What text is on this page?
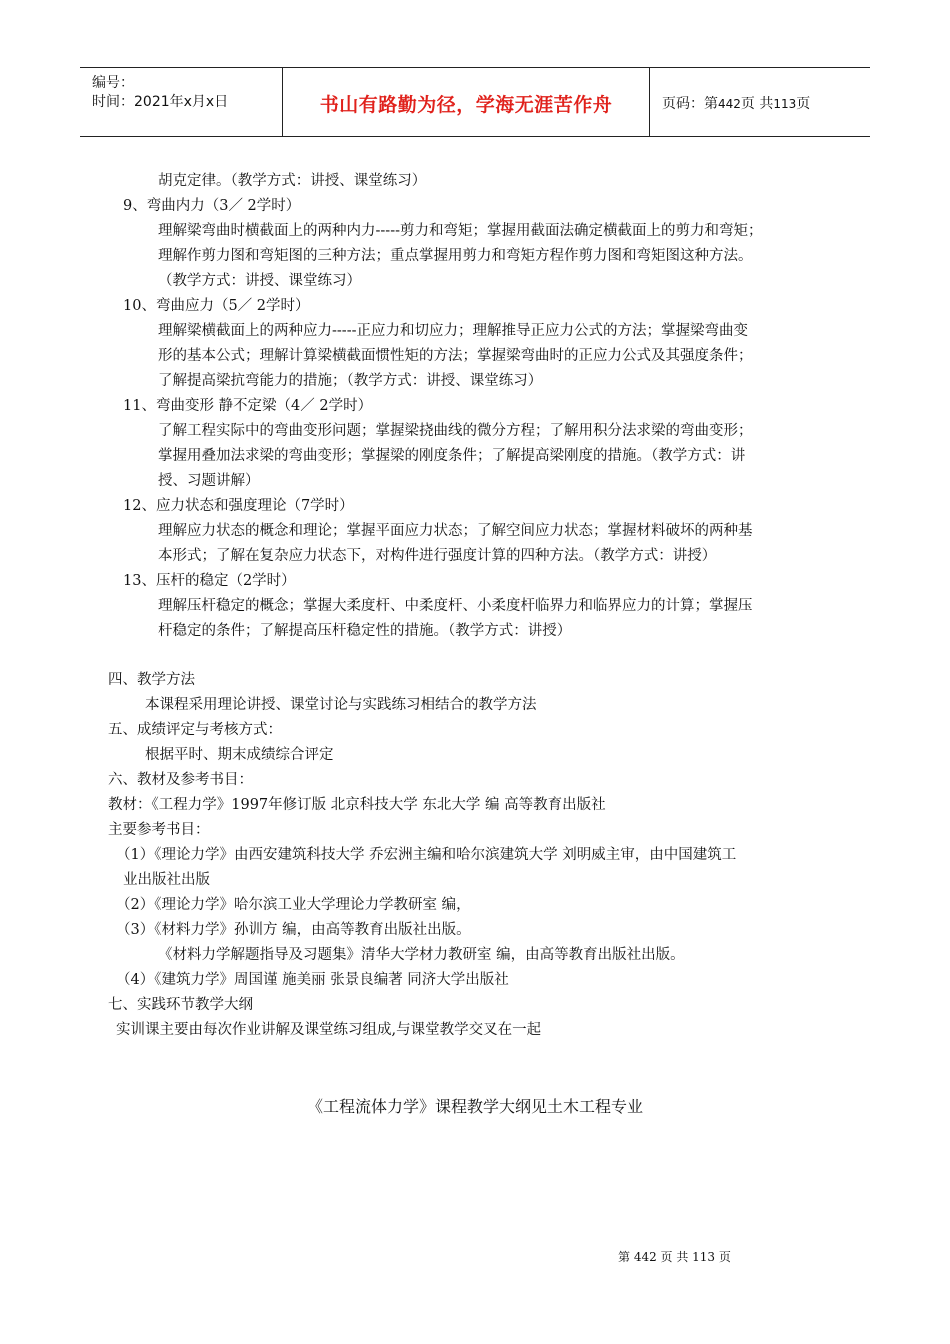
编号：
时间：2021年x月x日	书山有路勤为径，学海无涯苦作舟	页码：第442页 共113页
胡克定律。（教学方式：讲授、课堂练习）
9、弯曲内力（3／ 2学时）
理解梁弯曲时横截面上的两种内力-----剪力和弯矩；掌握用截面法确定横截面上的剪力和弯矩；
理解作剪力图和弯矩图的三种方法；重点掌握用剪力和弯矩方程作剪力图和弯矩图这种方法。
（教学方式：讲授、课堂练习）
10、弯曲应力（5／ 2学时）
理解梁横截面上的两种应力-----正应力和切应力；理解推导正应力公式的方法；掌握梁弯曲变
形的基本公式；理解计算梁横截面惯性矩的方法；掌握梁弯曲时的正应力公式及其强度条件；
了解提高梁抗弯能力的措施；（教学方式：讲授、课堂练习）
11、弯曲变形 静不定梁（4／ 2学时）
了解工程实际中的弯曲变形问题；掌握梁挠曲线的微分方程；了解用积分法求梁的弯曲变形；
掌握用叠加法求梁的弯曲变形；掌握梁的刚度条件；了解提高梁刚度的措施。（教学方式：讲
授、习题讲解）
12、应力状态和强度理论（7学时）
理解应力状态的概念和理论；掌握平面应力状态；了解空间应力状态；掌握材料破坏的两种基
本形式；了解在复杂应力状态下，对构件进行强度计算的四种方法。（教学方式：讲授）
13、压杆的稳定（2学时）
理解压杆稳定的概念；掌握大柔度杆、中柔度杆、小柔度杆临界力和临界应力的计算；掌握压
杆稳定的条件；了解提高压杆稳定性的措施。（教学方式：讲授）
四、教学方法
本课程采用理论讲授、课堂讨论与实践练习相结合的教学方法
五、成绩评定与考核方式：
根据平时、期末成绩综合评定
六、教材及参考书目：
教材：《工程力学》1997年修订版 北京科技大学 东北大学 编 高等教育出版社
主要参考书目：
（1）《理论力学》由西安建筑科技大学 乔宏洲主编和哈尔滨建筑大学 刘明威主审，由中国建筑工
业出版社出版
（2）《理论力学》哈尔滨工业大学理论力学教研室 编，
（3）《材料力学》孙训方 编，由高等教育出版社出版。
《材料力学解题指导及习题集》清华大学材力教研室 编，由高等教育出版社出版。
（4）《建筑力学》周国谨 施美丽 张景良编著 同济大学出版社
七、实践环节教学大纲
实训课主要由每次作业讲解及课堂练习组成,与课堂教学交叉在一起
《工程流体力学》课程教学大纲见土木工程专业
第 442 页 共 113 页
